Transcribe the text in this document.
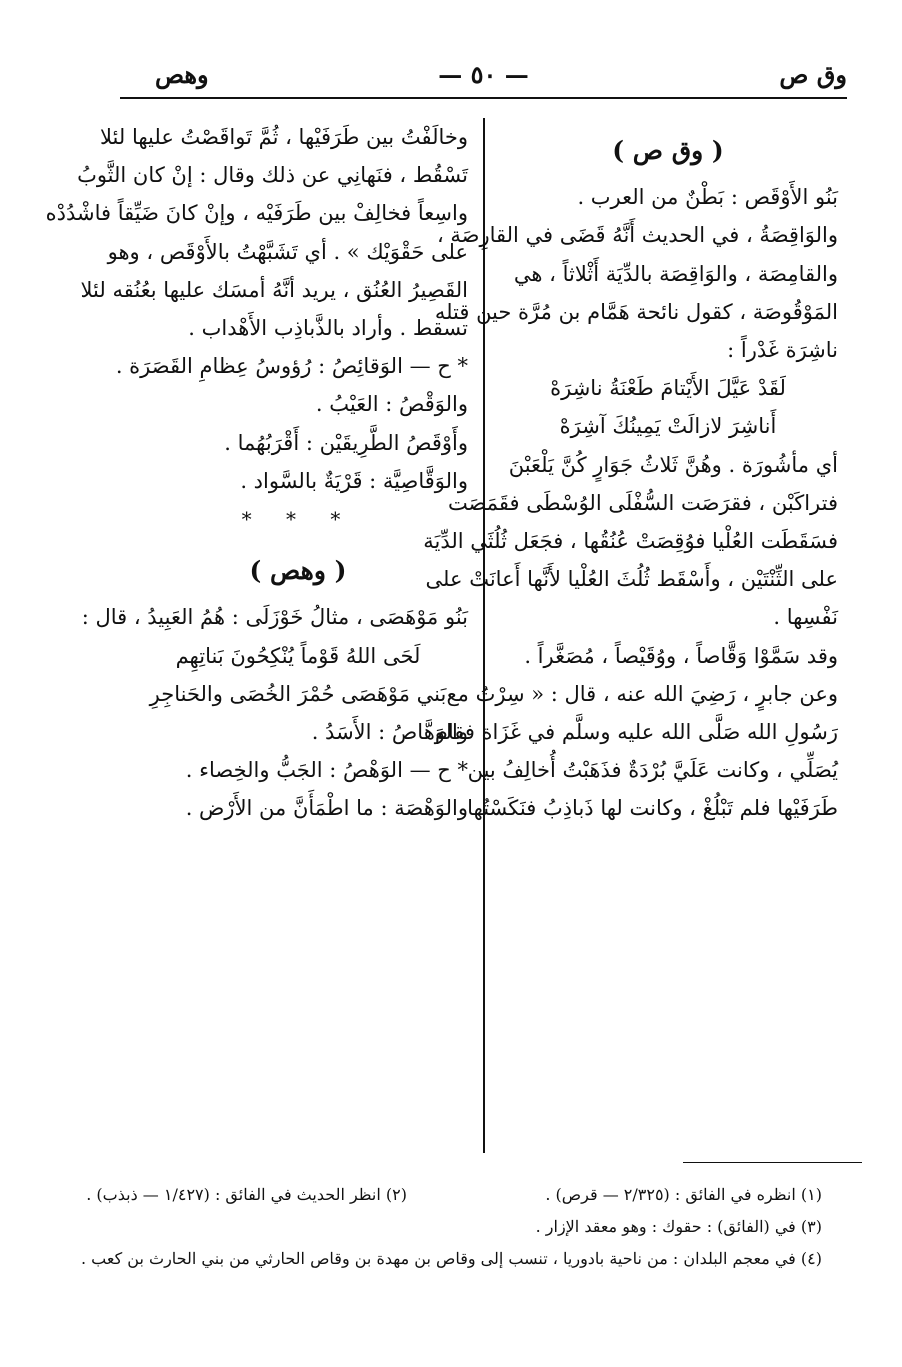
وق ص
— ٥٠ —
وهص

( وق ص )

بَنُو الأَوْقَص : بَطْنٌ من العرب .

والوَاقِصَةُ ، في الحديث أَنَّهُ قَضَى في القارِصَة ،

والقامِصَة ، والوَاقِصَة بالدِّيَة أَثْلاثاً ، هي

المَوْقُوصَة ، كقول نائحة هَمَّام بن مُرَّة حين قتله

ناشِرَة غَدْراً :

لَقَدْ عَيَّلَ الأَيْتامَ طَعْنَةُ ناشِرَهْ

أَناشِرَ لازالَتْ يَمِينُكَ آشِرَهْ

أي مأشُورَة . وهُنَّ ثَلاثُ جَوَارٍ كُنَّ يَلْعَبْنَ

فتراكَبْن ، فقرَصَت السُّفْلَى الوُسْطَى فقَمَصَت

فسَقَطَت العُلْيا فوُقِصَتْ عُنُقُها ، فجَعَل ثُلُثَي الدِّيَة

على الثِّنْتَيْن ، وأَسْقَط ثُلُثَ العُلْيا لأَنَّها أَعانَتْ على

نَفْسِها .

وقد سَمَّوْا وَقَّاصاً ، ووُقَيْصاً ، مُصَغَّراً .

وعن جابرٍ ، رَضِيَ الله عنه ، قال : « سِرْتُ مع

رَسُولِ الله صَلَّى الله عليه وسلَّم في غَزَاة فقام

يُصَلِّي ، وكانت عَلَيَّ بُرْدَةٌ فذَهَبْتُ أُخالِفُ بين

طَرَفَيْها فلم تَبْلُغْ ، وكانت لها ذَباذِبُ فنَكَسْتُها

وخالَفْتُ بين طَرَفَيْها ، ثُمَّ تَواقَصْتُ عليها لئلا

تَسْقُط ، فنَهانِي عن ذلك وقال : إنْ كان الثَّوبُ

واسِعاً فخالِفْ بين طَرَفَيْه ، وإنْ كانَ ضَيِّقاً فاشْدُدْه

على حَقْوَيْك » . أي تَشَبَّهْتُ بالأَوْقَص ، وهو

القَصِيرُ العُنُق ، يريد أنَّهُ أمسَك عليها بعُنُقه لئلا

تسقط . وأراد بالذَّباذِب الأَهْداب .

* ح — الوَقائِصُ : رُؤوسُ عِظامِ القَصَرَة .

والوَقْصُ : العَيْبُ .

وأَوْقَصُ الطَّرِيقَيْن : أَقْرَبُهُما .

والوَقَّاصِيَّة : قَرْيَةٌ بالسَّواد .

* * *

( وهص )

بَنُو مَوْهَصَى ، مثالُ خَوْزَلَى : هُمُ العَبِيدُ ، قال :

لَحَى اللهُ قَوْماً يُنْكِحُونَ بَناتِهِم

بَني مَوْهَصَى حُمْرَ الخُصَى والحَناجِرِ

والوَهَّاصُ : الأَسَدُ .

* ح — الوَهْصُ : الجَبُّ والخِصاء .

والوَهْصَة : ما اطْمَأَنَّ من الأَرْض .

(١) انظره في الفائق : (٢/٣٢٥ — قرص) .
(٢) انظر الحديث في الفائق : (١/٤٢٧ — ذبذب) .
(٣) في (الفائق) : حقوك : وهو معقد الإزار .
(٤) في معجم البلدان : من ناحية بادوريا ، تنسب إلى وقاص بن مهدة بن وقاص الحارثي من بني الحارث بن كعب .
